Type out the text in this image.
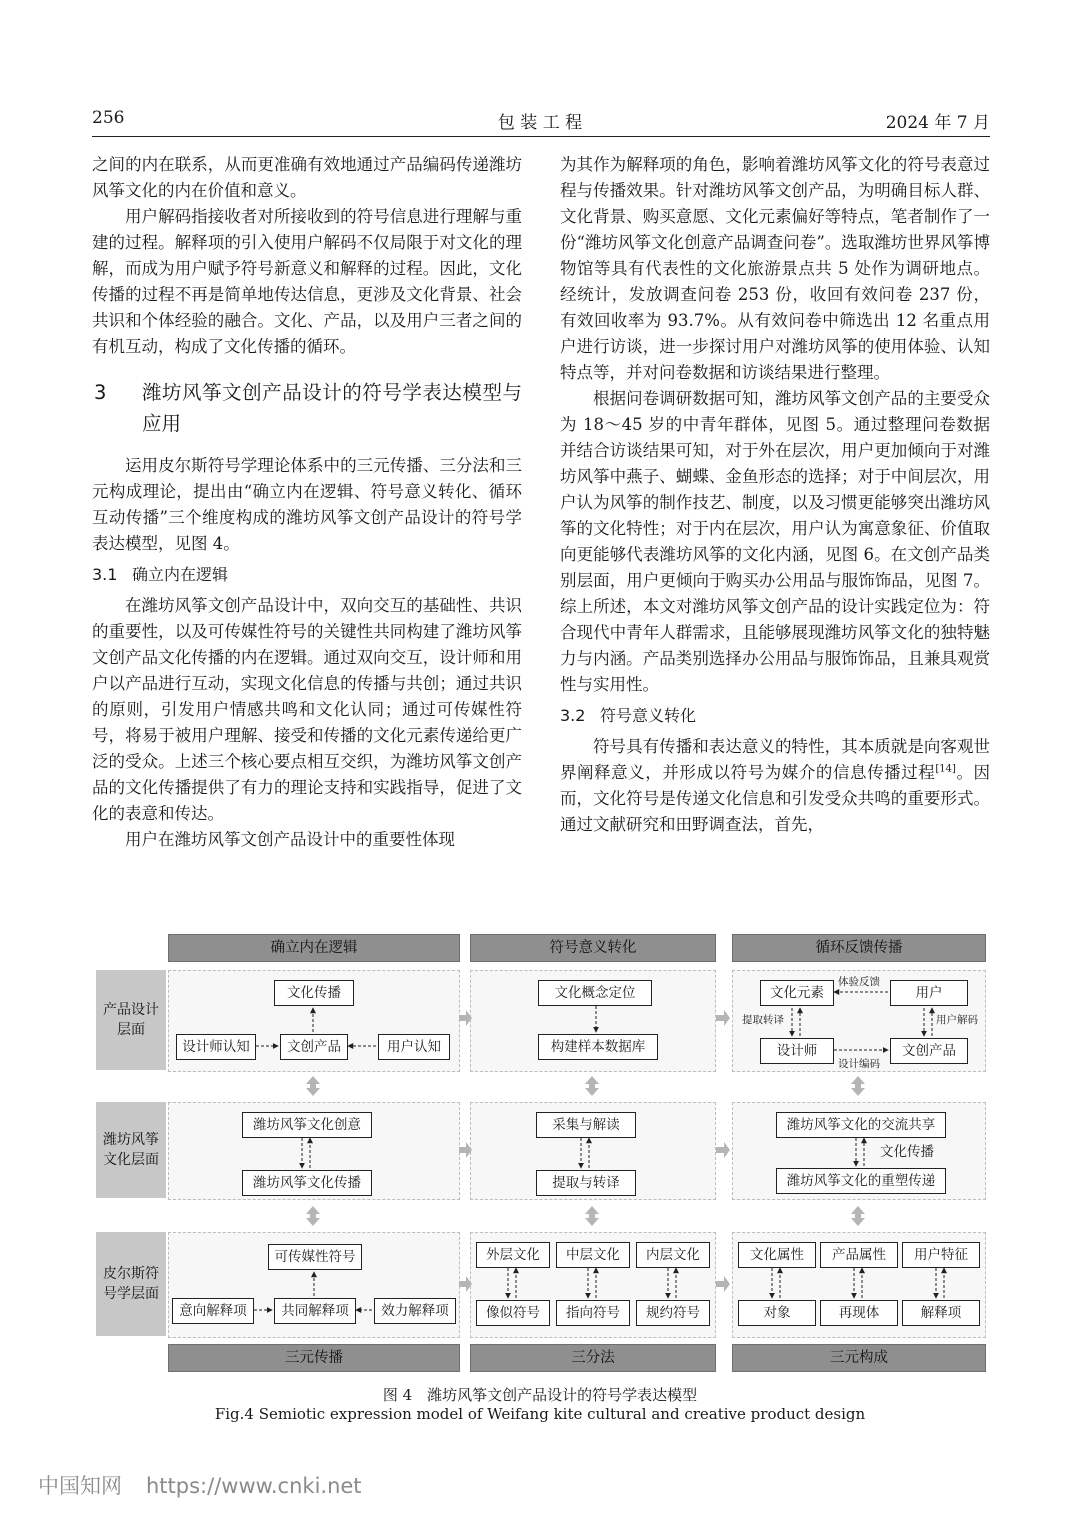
256	包 装 工 程	2024 年 7 月

之间的内在联系，从而更准确有效地通过产品编码传递潍坊风筝文化的内在价值和意义。

用户解码指接收者对所接收到的符号信息进行理解与重建的过程。解释项的引入使用户解码不仅局限于对文化的理解，而成为用户赋予符号新意义和解释的过程。因此，文化传播的过程不再是简单地传达信息，更涉及文化背景、社会共识和个体经验的融合。文化、产品，以及用户三者之间的有机互动，构成了文化传播的循环。

3 潍坊风筝文创产品设计的符号学表达模型与应用

运用皮尔斯符号学理论体系中的三元传播、三分法和三元构成理论，提出由“确立内在逻辑、符号意义转化、循环互动传播”三个维度构成的潍坊风筝文创产品设计的符号学表达模型，见图 4。

3.1 确立内在逻辑

在潍坊风筝文创产品设计中，双向交互的基础性、共识的重要性，以及可传媒性符号的关键性共同构建了潍坊风筝文创产品文化传播的内在逻辑。通过双向交互，设计师和用户以产品进行互动，实现文化信息的传播与共创；通过共识的原则，引发用户情感共鸣和文化认同；通过可传媒性符号，将易于被用户理解、接受和传播的文化元素传递给更广泛的受众。上述三个核心要点相互交织，为潍坊风筝文创产品的文化传播提供了有力的理论支持和实践指导，促进了文化的表意和传达。

用户在潍坊风筝文创产品设计中的重要性体现

为其作为解释项的角色，影响着潍坊风筝文化的符号表意过程与传播效果。针对潍坊风筝文创产品，为明确目标人群、文化背景、购买意愿、文化元素偏好等特点，笔者制作了一份“潍坊风筝文化创意产品调查问卷”。选取潍坊世界风筝博物馆等具有代表性的文化旅游景点共 5 处作为调研地点。经统计，发放调查问卷 253 份，收回有效问卷 237 份，有效回收率为 93.7%。从有效问卷中筛选出 12 名重点用户进行访谈，进一步探讨用户对潍坊风筝的使用体验、认知特点等，并对问卷数据和访谈结果进行整理。

根据问卷调研数据可知，潍坊风筝文创产品的主要受众为 18～45 岁的中青年群体，见图 5。通过整理问卷数据并结合访谈结果可知，对于外在层次，用户更加倾向于对潍坊风筝中燕子、蝴蝶、金鱼形态的选择；对于中间层次，用户认为风筝的制作技艺、制度，以及习惯更能够突出潍坊风筝的文化特性；对于内在层次，用户认为寓意象征、价值取向更能够代表潍坊风筝的文化内涵，见图 6。在文创产品类别层面，用户更倾向于购买办公用品与服饰饰品，见图 7。综上所述，本文对潍坊风筝文创产品的设计实践定位为：符合现代中青年人群需求，且能够展现潍坊风筝文化的独特魅力与内涵。产品类别选择办公用品与服饰饰品，且兼具观赏性与实用性。

3.2 符号意义转化

符号具有传播和表达意义的特性，其本质就是向客观世界阐释意义，并形成以符号为媒介的信息传播过程[14]。因而，文化符号是传递文化信息和引发受众共鸣的重要形式。通过文献研究和田野调查法，首先，

确立内在逻辑	符号意义转化	循环反馈传播
三元传播	三分法	三元构成
产品设计
层面
潍坊风筝
文化层面
皮尔斯符
号学层面
文化传播
设计师认知	文创产品	用户认知
文化概念定位
构建样本数据库
文化元素	用户
设计师	文创产品
体验反馈
提取转译	用户解码
设计编码
潍坊风筝文化创意
潍坊风筝文化传播
采集与解读
提取与转译
潍坊风筝文化的交流共享
潍坊风筝文化的重塑传递
文化传播
可传媒性符号
意向解释项	共同解释项	效力解释项
外层文化	中层文化	内层文化
像似符号	指向符号	规约符号
文化属性	产品属性	用户特征
对象	再现体	解释项
图 4　潍坊风筝文创产品设计的符号学表达模型
Fig.4 Semiotic expression model of Weifang kite cultural and creative product design
中国知网 https://www.cnki.net
